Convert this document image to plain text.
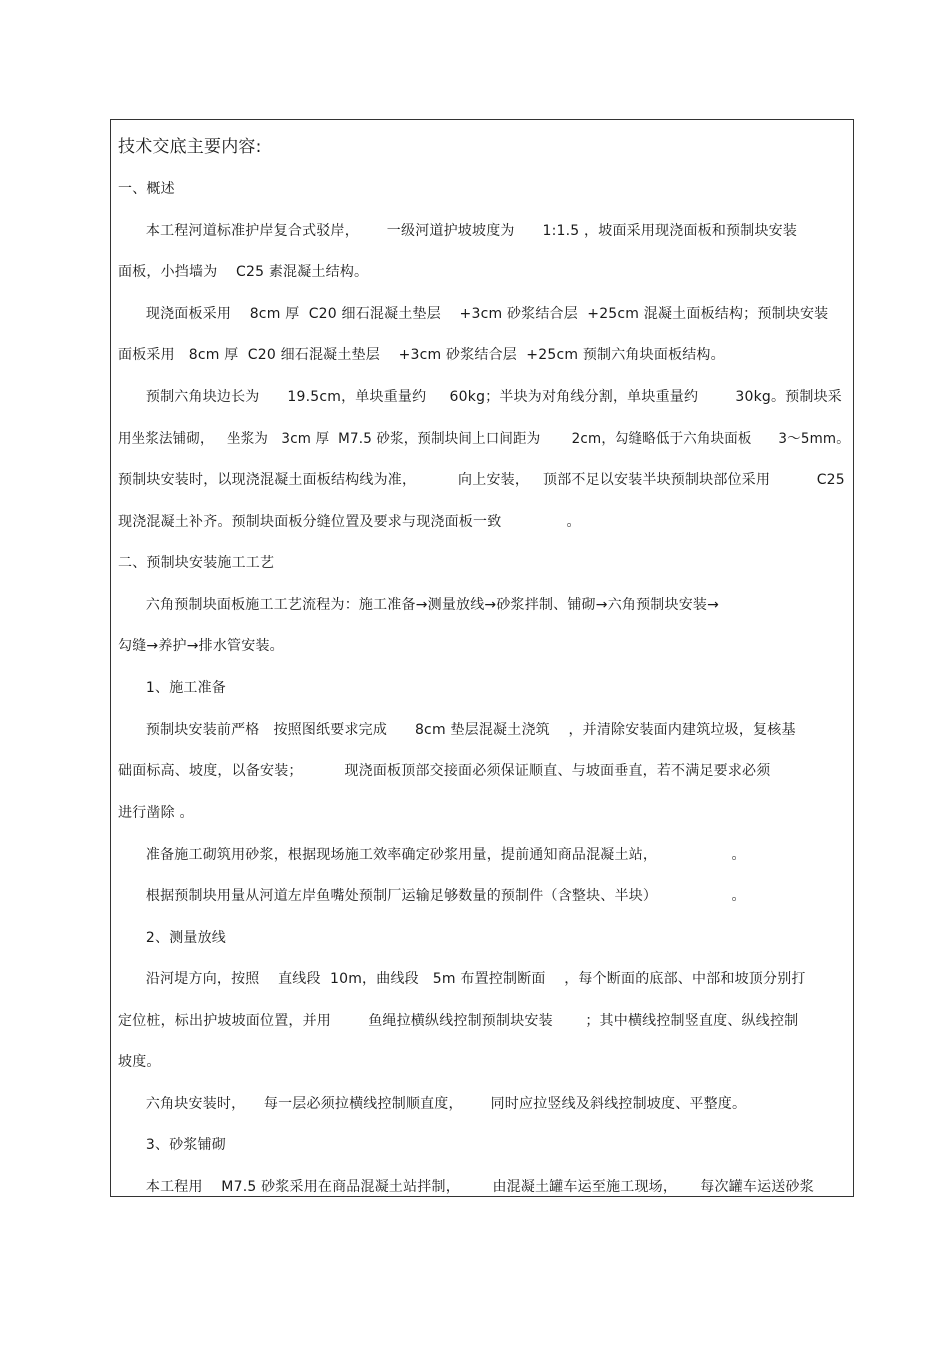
技术交底主要内容:
一、概述
本工程河道标准护岸复合式驳岸，      一级河道护坡坡度为      1:1.5 ，坡面采用现浇面板和预制块安装
面板，小挡墙为    C25 素混凝土结构。
现浇面板采用    8cm 厚  C20 细石混凝土垫层    +3cm 砂浆结合层  +25cm 混凝土面板结构；预制块安装
面板采用   8cm 厚  C20 细石混凝土垫层    +3cm 砂浆结合层  +25cm 预制六角块面板结构。
预制六角块边长为      19.5cm，单块重量约     60kg；半块为对角线分割，单块重量约        30kg。预制块采
用坐浆法铺砌，   坐浆为   3cm 厚  M7.5 砂浆，预制块间上口间距为       2cm，勾缝略低于六角块面板      3～5mm。
预制块安装时，以现浇混凝土面板结构线为准，         向上安装，   顶部不足以安装半块预制块部位采用          C25
现浇混凝土补齐。预制块面板分缝位置及要求与现浇面板一致              。
二、预制块安装施工工艺
六角预制块面板施工工艺流程为：施工准备→测量放线→砂浆拌制、铺砌→六角预制块安装→
勾缝→养护→排水管安装。
1、施工准备
预制块安装前严格   按照图纸要求完成      8cm 垫层混凝土浇筑    ，并清除安装面内建筑垃圾，复核基
础面标高、坡度，以备安装；         现浇面板顶部交接面必须保证顺直、与坡面垂直，若不满足要求必须
进行凿除 。
准备施工砌筑用砂浆，根据现场施工效率确定砂浆用量，提前通知商品混凝土站，                。
根据预制块用量从河道左岸鱼嘴处预制厂运输足够数量的预制件（含整块、半块）                。
2、测量放线
沿河堤方向，按照    直线段  10m，曲线段   5m 布置控制断面    ，每个断面的底部、中部和坡顶分别打
定位桩，标出护坡坡面位置，并用        鱼绳拉横纵线控制预制块安装       ；其中横线控制竖直度、纵线控制
坡度。
六角块安装时，    每一层必须拉横线控制顺直度，      同时应拉竖线及斜线控制坡度、平整度。
3、砂浆铺砌
本工程用    M7.5 砂浆采用在商品混凝土站拌制，       由混凝土罐车运至施工现场，     每次罐车运送砂浆
